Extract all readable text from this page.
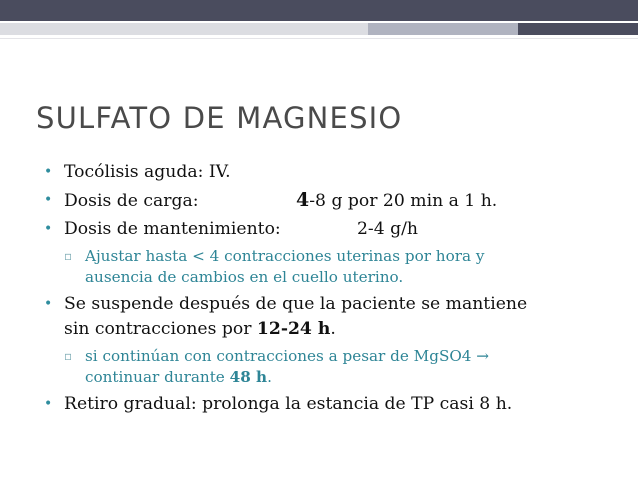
SULFATO DE MAGNESIO
• Tocólisis aguda: IV.
• Dosis de carga:	4-8 g por 20 min a 1 h.
• Dosis de mantenimiento:	2-4 g/h
▫ Ajustar hasta < 4 contracciones uterinas por hora y
ausencia de cambios en el cuello uterino.
• Se suspende después de que la paciente se mantiene
sin contracciones por 12-24 h.
▫ si continúan con contracciones a pesar de MgSO4 →
continuar durante 48 h.
• Retiro gradual: prolonga la estancia de TP casi 8 h.
